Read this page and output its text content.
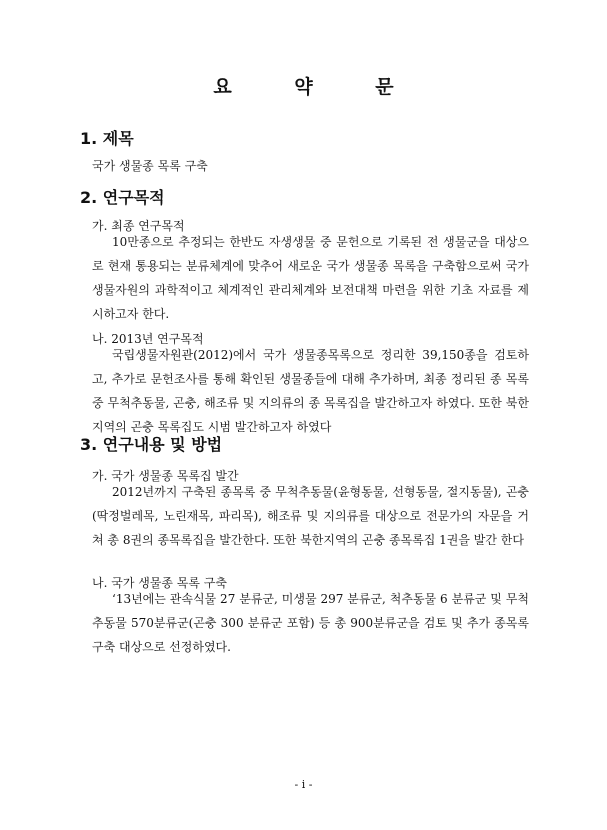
요 약 문
1. 제목
국가 생물종 목록 구축
2. 연구목적
가. 최종 연구목적

10만종으로 추정되는 한반도 자생생물 중 문헌으로 기록된 전 생물군을 대상으로 현재 통용되는 분류체계에 맞추어 새로운 국가 생물종 목록을 구축함으로써 국가 생물자원의 과학적이고 체계적인 관리체계와 보전대책 마련을 위한 기초 자료를 제시하고자 한다.

나. 2013년 연구목적

국립생물자원관(2012)에서 국가 생물종목록으로 정리한 39,150종을 검토하고, 추가로 문헌조사를 통해 확인된 생물종들에 대해 추가하며, 최종 정리된 종 목록 중 무척추동물, 곤충, 해조류 및 지의류의 종 목록집을 발간하고자 하였다. 또한 북한지역의 곤충 목록집도 시범 발간하고자 하였다

3. 연구내용 및 방법
가. 국가 생물종 목록집 발간

2012년까지 구축된 종목록 중 무척추동물(윤형동물, 선형동물, 절지동물), 곤충(딱정벌레목, 노린재목, 파리목), 해조류 및 지의류를 대상으로 전문가의 자문을 거쳐 총 8권의 종목록집을 발간한다. 또한 북한지역의 곤충 종목록집 1권을 발간 한다

나. 국가 생물종 목록 구축

‘13년에는 관속식물 27 분류군, 미생물 297 분류군, 척추동물 6 분류군 및 무척추동물 570분류군(곤충 300 분류군 포함) 등 총 900분류군을 검토 및 추가 종목록 구축 대상으로 선정하였다.

- i -
